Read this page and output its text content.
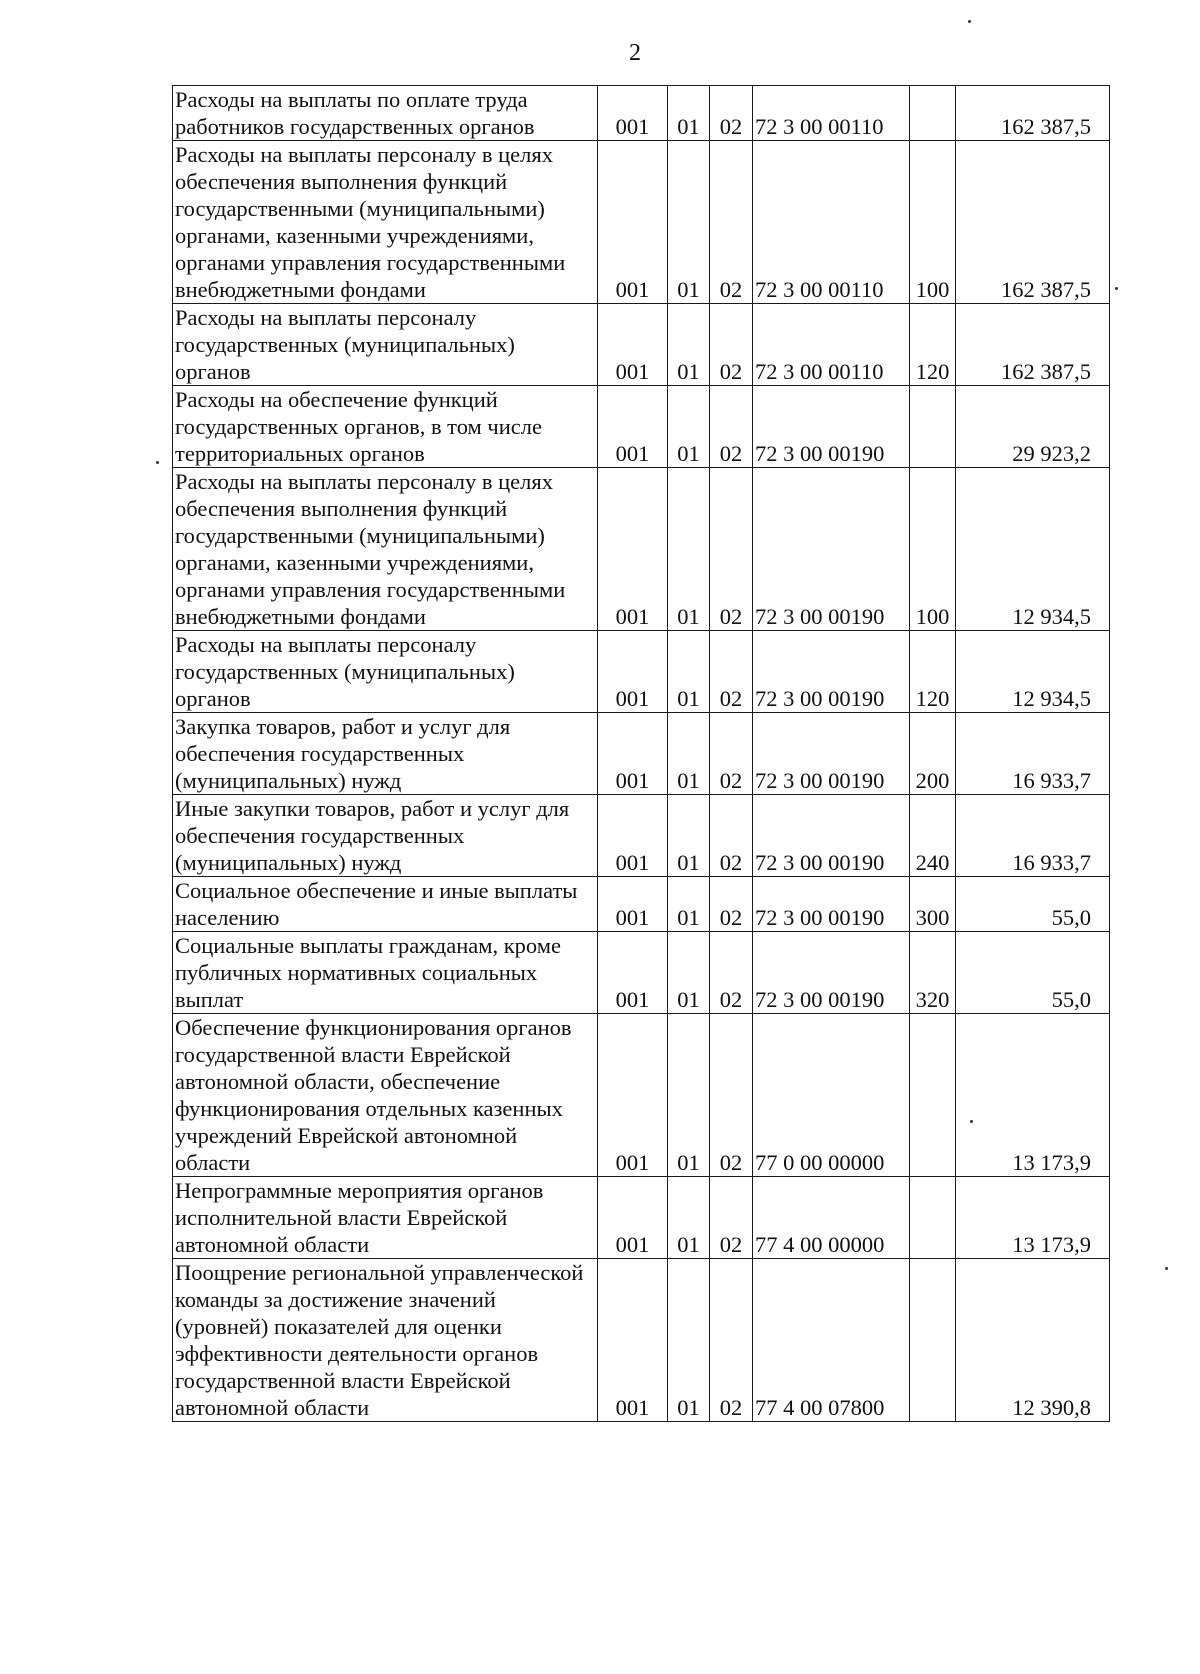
2
Расходы на выплаты по оплате труда работников государственных органов	001	01	02	72 3 00 00110		162 387,5
Расходы на выплаты персоналу в целях обеспечения выполнения функций государственными (муниципальными) органами, казенными учреждениями, органами управления государственными внебюджетными фондами	001	01	02	72 3 00 00110	100	162 387,5
Расходы на выплаты персоналу государственных (муниципальных) органов	001	01	02	72 3 00 00110	120	162 387,5
Расходы на обеспечение функций государственных органов, в том числе территориальных органов	001	01	02	72 3 00 00190		29 923,2
Расходы на выплаты персоналу в целях обеспечения выполнения функций государственными (муниципальными) органами, казенными учреждениями, органами управления государственными внебюджетными фондами	001	01	02	72 3 00 00190	100	12 934,5
Расходы на выплаты персоналу государственных (муниципальных) органов	001	01	02	72 3 00 00190	120	12 934,5
Закупка товаров, работ и услуг для обеспечения государственных (муниципальных) нужд	001	01	02	72 3 00 00190	200	16 933,7
Иные закупки товаров, работ и услуг для обеспечения государственных (муниципальных) нужд	001	01	02	72 3 00 00190	240	16 933,7
Социальное обеспечение и иные выплаты населению	001	01	02	72 3 00 00190	300	55,0
Социальные выплаты гражданам, кроме публичных нормативных социальных выплат	001	01	02	72 3 00 00190	320	55,0
Обеспечение функционирования органов государственной власти Еврейской автономной области, обеспечение функционирования отдельных казенных учреждений Еврейской автономной области	001	01	02	77 0 00 00000		13 173,9
Непрограммные мероприятия органов исполнительной власти Еврейской автономной области	001	01	02	77 4 00 00000		13 173,9
Поощрение региональной управленческой команды за достижение значений (уровней) показателей для оценки эффективности деятельности органов государственной власти Еврейской автономной области	001	01	02	77 4 00 07800		12 390,8
